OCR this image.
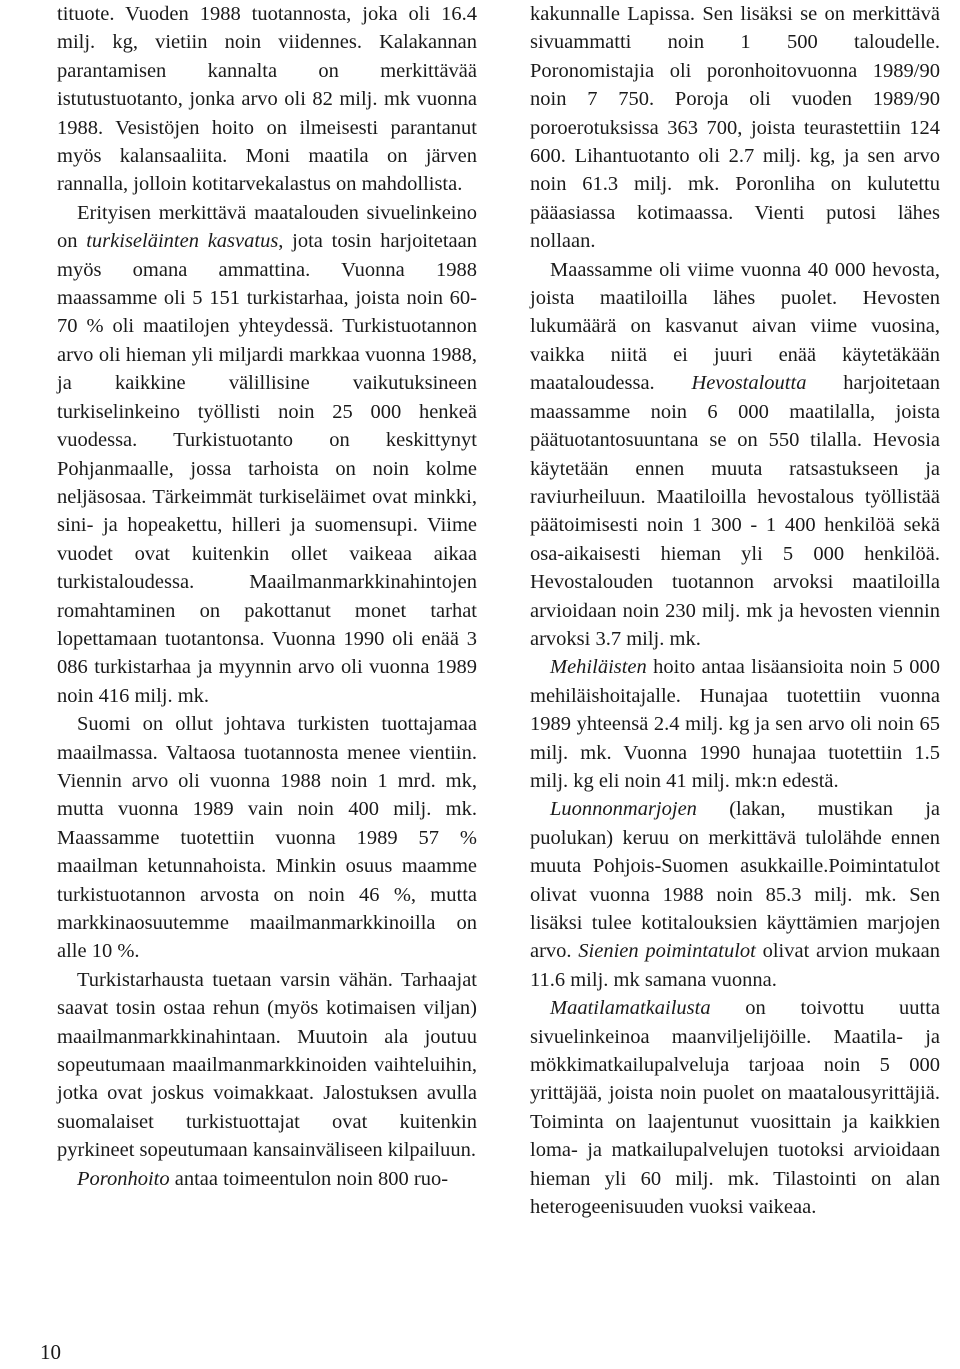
tituote. Vuoden 1988 tuotannosta, joka oli 16.4 milj. kg, vietiin noin viidennes. Kalakannan parantamisen kannalta on merkittävää istutustuotanto, jonka arvo oli 82 milj. mk vuonna 1988. Vesistöjen hoito on ilmeisesti parantanut myös kalansaaliita. Moni maatila on järven rannalla, jolloin kotitarvekalastus on mahdollista.

Erityisen merkittävä maatalouden sivuelinkeino on turkiseläinten kasvatus, jota tosin harjoitetaan myös omana ammattina. Vuonna 1988 maassamme oli 5 151 turkistarhaa, joista noin 60-70 % oli maatilojen yhteydessä. Turkistuotannon arvo oli hieman yli miljardi markkaa vuonna 1988, ja kaikkine välillisine vaikutuksineen turkiselinkeino työllisti noin 25 000 henkeä vuodessa. Turkistuotanto on keskittynyt Pohjanmaalle, jossa tarhoista on noin kolme neljäsosaa. Tärkeimmät turkiseläimet ovat minkki, sini- ja hopeakettu, hilleri ja suomensupi. Viime vuodet ovat kuitenkin ollet vaikeaa aikaa turkistaloudessa. Maailmanmarkkinahintojen romahtaminen on pakottanut monet tarhat lopettamaan tuotantonsa. Vuonna 1990 oli enää 3 086 turkistarhaa ja myynnin arvo oli vuonna 1989 noin 416 milj. mk.

Suomi on ollut johtava turkisten tuottajamaa maailmassa. Valtaosa tuotannosta menee vientiin. Viennin arvo oli vuonna 1988 noin 1 mrd. mk, mutta vuonna 1989 vain noin 400 milj. mk. Maassamme tuotettiin vuonna 1989 57 % maailman ketunnahoista. Minkin osuus maamme turkistuotannon arvosta on noin 46 %, mutta markkinaosuutemme maailmanmarkkinoilla on alle 10 %.

Turkistarhausta tuetaan varsin vähän. Tarhaajat saavat tosin ostaa rehun (myös kotimaisen viljan) maailmanmarkkinahintaan. Muutoin ala joutuu sopeutumaan maailmanmarkkinoiden vaihteluihin, jotka ovat joskus voimakkaat. Jalostuksen avulla suomalaiset turkistuottajat ovat kuitenkin pyrkineet sopeutumaan kansainväliseen kilpailuun.

Poronhoito antaa toimeentulon noin 800 ruo-

kakunnalle Lapissa. Sen lisäksi se on merkittävä sivuammatti noin 1 500 taloudelle. Poronomistajia oli poronhoitovuonna 1989/90 noin 7 750. Poroja oli vuoden 1989/90 poroerotuksissa 363 700, joista teurastettiin 124 600. Lihantuotanto oli 2.7 milj. kg, ja sen arvo noin 61.3 milj. mk. Poronliha on kulutettu pääasiassa kotimaassa. Vienti putosi lähes nollaan.

Maassamme oli viime vuonna 40 000 hevosta, joista maatiloilla lähes puolet. Hevosten lukumäärä on kasvanut aivan viime vuosina, vaikka niitä ei juuri enää käytetäkään maataloudessa. Hevostaloutta harjoitetaan maassamme noin 6 000 maatilalla, joista päätuotantosuuntana se on 550 tilalla. Hevosia käytetään ennen muuta ratsastukseen ja raviurheiluun. Maatiloilla hevostalous työllistää päätoimisesti noin 1 300 - 1 400 henkilöä sekä osa-aikaisesti hieman yli 5 000 henkilöä. Hevostalouden tuotannon arvoksi maatiloilla arvioidaan noin 230 milj. mk ja hevosten viennin arvoksi 3.7 milj. mk.

Mehiläisten hoito antaa lisäansioita noin 5 000 mehiläishoitajalle. Hunajaa tuotettiin vuonna 1989 yhteensä 2.4 milj. kg ja sen arvo oli noin 65 milj. mk. Vuonna 1990 hunajaa tuotettiin 1.5 milj. kg eli noin 41 milj. mk:n edestä.

Luonnonmarjojen (lakan, mustikan ja puolukan) keruu on merkittävä tulolähde ennen muuta Pohjois-Suomen asukkaille.Poimintatulot olivat vuonna 1988 noin 85.3 milj. mk. Sen lisäksi tulee kotitalouksien käyttämien marjojen arvo. Sienien poimintatulot olivat arvion mukaan 11.6 milj. mk samana vuonna.

Maatilamatkailusta on toivottu uutta sivuelinkeinoa maanviljelijöille. Maatila- ja mökkimatkailupalveluja tarjoaa noin 5 000 yrittäjää, joista noin puolet on maatalousyrittäjiä. Toiminta on laajentunut vuosittain ja kaikkien loma- ja matkailupalvelujen tuotoksi arvioidaan hieman yli 60 milj. mk. Tilastointi on alan heterogeenisuuden vuoksi vaikeaa.

10
